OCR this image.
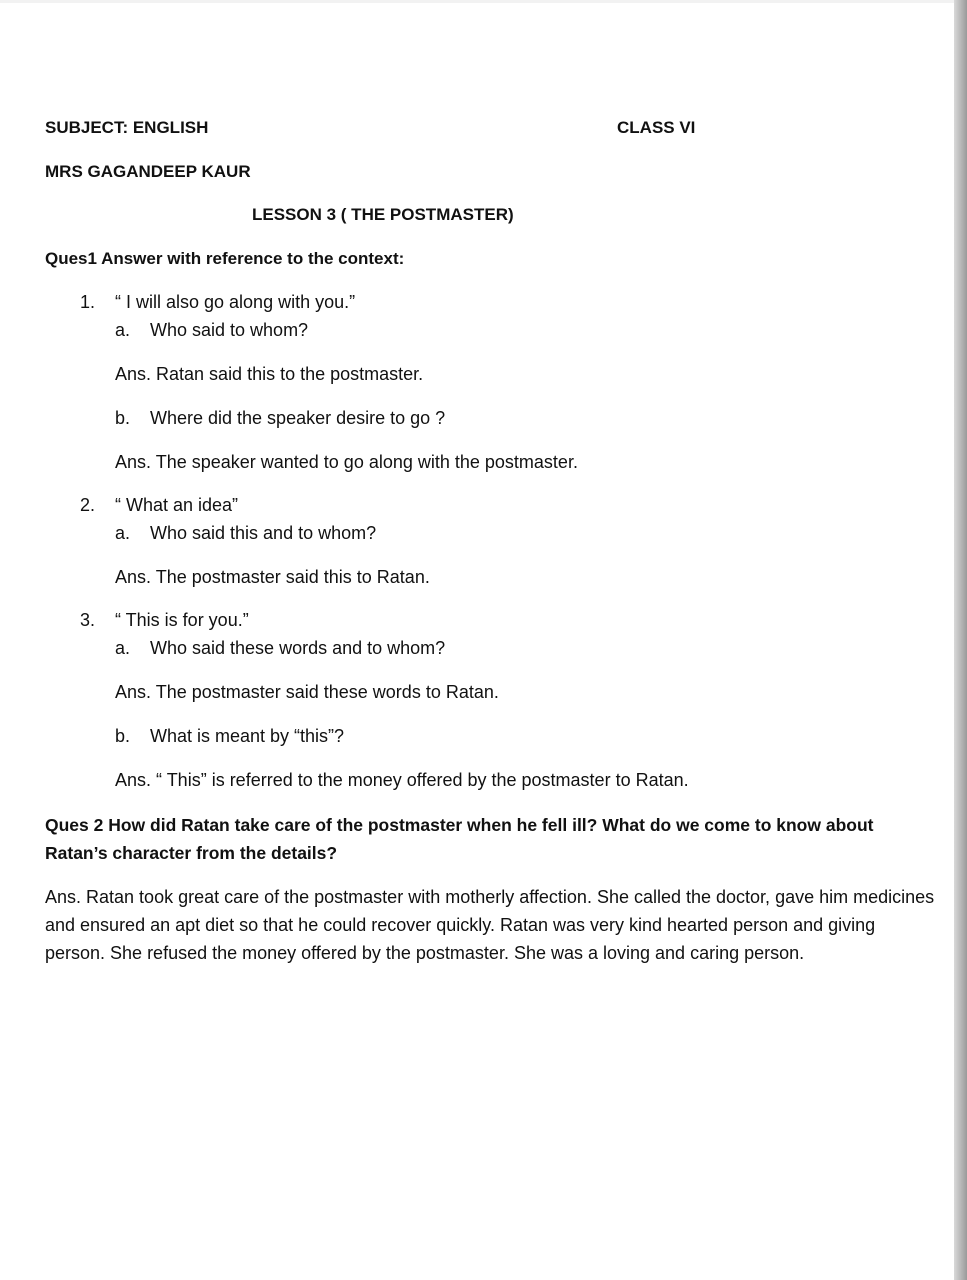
SUBJECT: ENGLISH	CLASS VI
MRS GAGANDEEP KAUR
LESSON 3 ( THE POSTMASTER)
Ques1 Answer with reference to the context:
1. “ I will also go along with you.”
a. Who said to whom?
Ans. Ratan said this to the postmaster.
b. Where did the speaker desire to go ?
Ans. The speaker wanted to go along with the postmaster.
2. “ What an idea”
a. Who said this and to whom?
Ans. The postmaster said this to Ratan.
3. “ This is for you.”
a. Who said these words and to whom?
Ans. The postmaster said these words to Ratan.
b. What is meant by “this”?
Ans. “ This” is referred to the money offered by the postmaster to Ratan.
Ques 2 How did Ratan take care of the postmaster when he fell ill? What do we come to know about Ratan’s character from the details?
Ans. Ratan took great care of the postmaster with motherly affection. She called the doctor, gave him medicines and ensured an apt diet so that he could recover quickly. Ratan was very kind hearted person and giving person. She refused the money offered by the postmaster. She was a loving and caring person.
